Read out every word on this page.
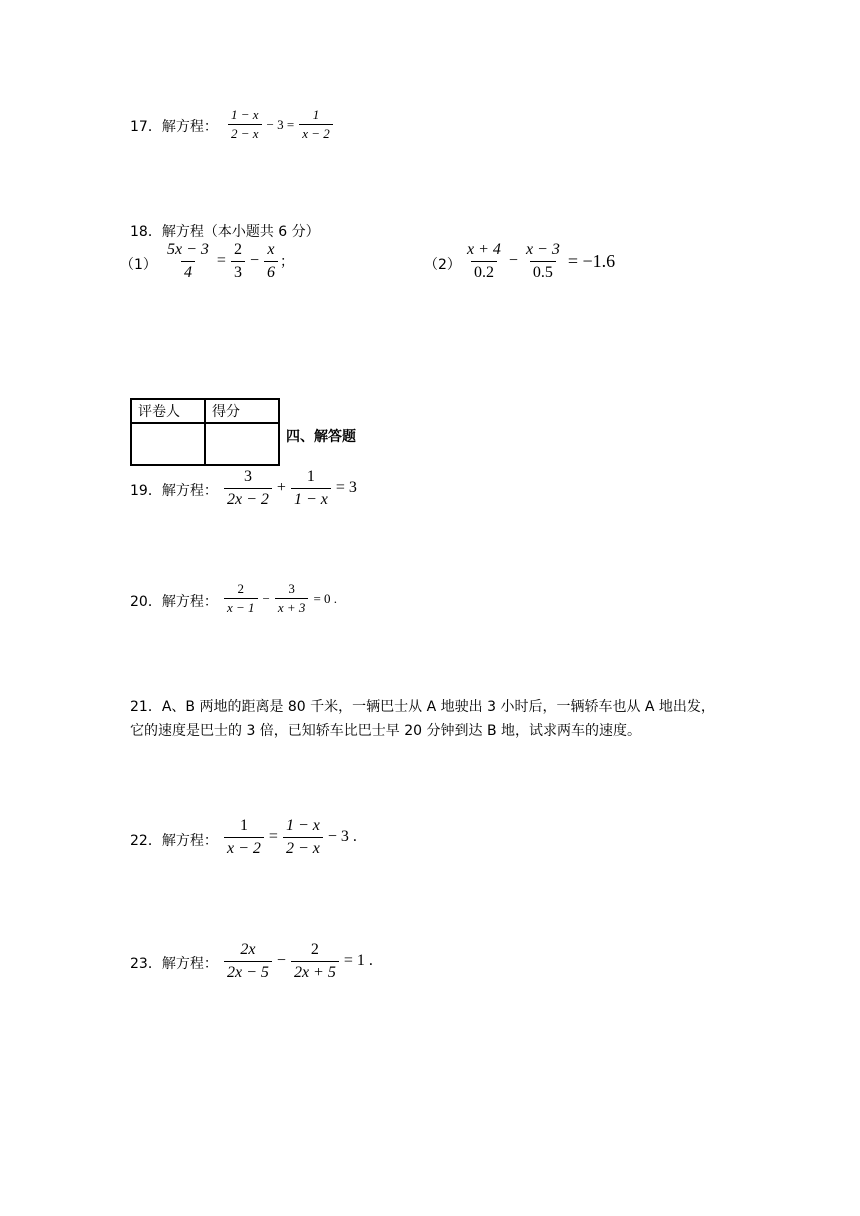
17．解方程： $\frac{1 - x}{2 - x} - 3 = \frac{1}{x - 2}$
18．解方程（本小题共 6 分）
$(1) \frac{5x - 3}{4} = \frac{2}{3} - \frac{x}{6}$ ；	$(2) \frac{x + 4}{0.2} - \frac{x - 3}{0.5} = -1.6$
评卷人	得分

四、解答题
19．解方程： $\frac{3}{2x - 2} + \frac{1}{1 - x} = 3$
20．解方程： $\frac{2}{x - 1} - \frac{3}{x + 3} = 0$ .
21．A、B 两地的距离是 80 千米，一辆巴士从 A 地驶出 3 小时后，一辆轿车也从 A 地出发，
它的速度是巴士的 3 倍，已知轿车比巴士早 20 分钟到达 B 地，试求两车的速度。
22．解方程： $\frac{1}{x - 2} = \frac{1 - x}{2 - x} - 3$ .
23．解方程： $\frac{2x}{2x - 5} - \frac{2}{2x + 5} = 1$ .
